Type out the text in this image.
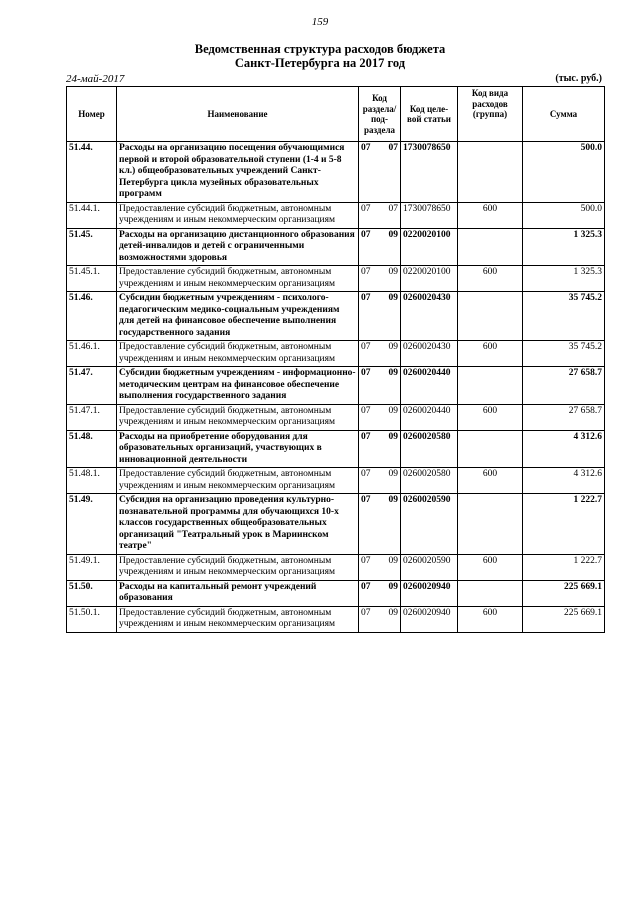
159
Ведомственная структура расходов бюджета
Санкт-Петербурга на 2017 год
24-май-2017	(тыс. руб.)
Номер	Наименование	Код раздела/ под- раздела	Код целе- вой статьи	Код вида расходов (группа)	Сумма
51.44.	Расходы на организацию посещения обучающимися первой и второй образовательной ступени (1-4 и 5-8 кл.) общеобразовательных учреждений Санкт-Петербурга цикла музейных образовательных программ	07 07	1730078650		500.0
51.44.1.	Предоставление субсидий бюджетным, автономным учреждениям и иным некоммерческим организациям	07 07	1730078650	600	500.0
51.45.	Расходы на организацию дистанционного образования детей-инвалидов и детей с ограниченными возможностями здоровья	07 09	0220020100		1 325.3
51.45.1.	Предоставление субсидий бюджетным, автономным учреждениям и иным некоммерческим организациям	07 09	0220020100	600	1 325.3
51.46.	Субсидии бюджетным учреждениям - психолого-педагогическим медико-социальным учреждениям для детей на финансовое обеспечение выполнения государственного задания	07 09	0260020430		35 745.2
51.46.1.	Предоставление субсидий бюджетным, автономным учреждениям и иным некоммерческим организациям	07 09	0260020430	600	35 745.2
51.47.	Субсидии бюджетным учреждениям - информационно-методическим центрам на финансовое обеспечение выполнения государственного задания	07 09	0260020440		27 658.7
51.47.1.	Предоставление субсидий бюджетным, автономным учреждениям и иным некоммерческим организациям	07 09	0260020440	600	27 658.7
51.48.	Расходы на приобретение оборудования для образовательных организаций, участвующих в инновационной деятельности	07 09	0260020580		4 312.6
51.48.1.	Предоставление субсидий бюджетным, автономным учреждениям и иным некоммерческим организациям	07 09	0260020580	600	4 312.6
51.49.	Субсидия на организацию проведения культурно-познавательной программы для обучающихся 10-х классов государственных общеобразовательных организаций "Театральный урок в Мариинском театре"	07 09	0260020590		1 222.7
51.49.1.	Предоставление субсидий бюджетным, автономным учреждениям и иным некоммерческим организациям	07 09	0260020590	600	1 222.7
51.50.	Расходы на капитальный ремонт учреждений образования	07 09	0260020940		225 669.1
51.50.1.	Предоставление субсидий бюджетным, автономным учреждениям и иным некоммерческим организациям	07 09	0260020940	600	225 669.1
